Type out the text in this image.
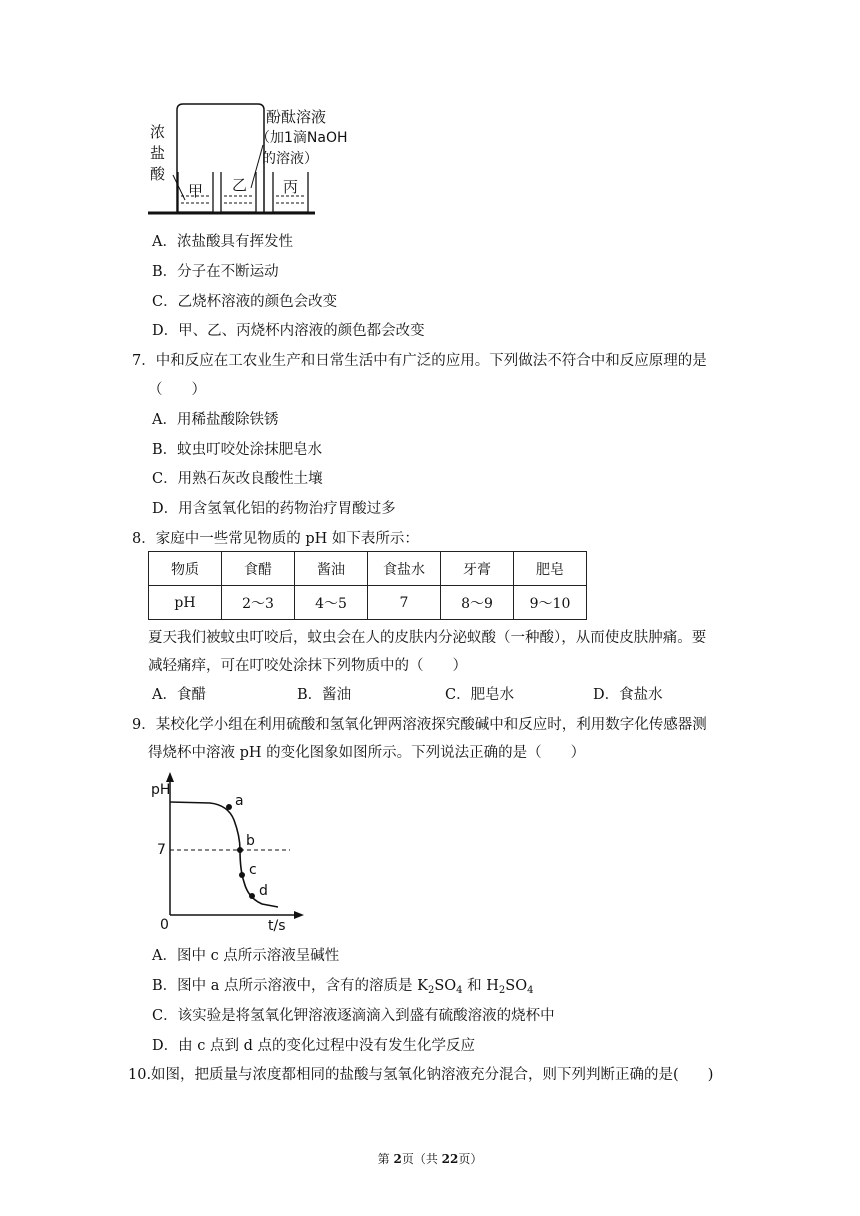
浓
盐
酸
酚酞溶液
（加1滴NaOH
的溶液）
甲 乙 丙
A．浓盐酸具有挥发性
B．分子在不断运动
C．乙烧杯溶液的颜色会改变
D．甲、乙、丙烧杯内溶液的颜色都会改变
7．中和反应在工农业生产和日常生活中有广泛的应用。下列做法不符合中和反应原理的是
（　　）
A．用稀盐酸除铁锈
B．蚊虫叮咬处涂抹肥皂水
C．用熟石灰改良酸性土壤
D．用含氢氧化铝的药物治疗胃酸过多
8．家庭中一些常见物质的 pH 如下表所示：
物质	食醋	酱油	食盐水	牙膏	肥皂
pH	2～3	4～5	7	8～9	9～10
夏天我们被蚊虫叮咬后，蚊虫会在人的皮肤内分泌蚁酸（一种酸），从而使皮肤肿痛。要
减轻痛痒，可在叮咬处涂抹下列物质中的（　　）
A．食醋	B．酱油	C．肥皂水	D．食盐水
9．某校化学小组在利用硫酸和氢氧化钾两溶液探究酸碱中和反应时，利用数字化传感器测
得烧杯中溶液 pH 的变化图象如图所示。下列说法正确的是（　　）
pH
t/s
0
7
a
b
c
d
A．图中 c 点所示溶液呈碱性
B．图中 a 点所示溶液中，含有的溶质是 $K_2SO_4$ 和 $H_2SO_4$
C．该实验是将氢氧化钾溶液逐滴滴入到盛有硫酸溶液的烧杯中
D．由 c 点到 d 点的变化过程中没有发生化学反应
10.如图，把质量与浓度都相同的盐酸与氢氧化钠溶液充分混合，则下列判断正确的是(　　)
第 2页（共 22页）
